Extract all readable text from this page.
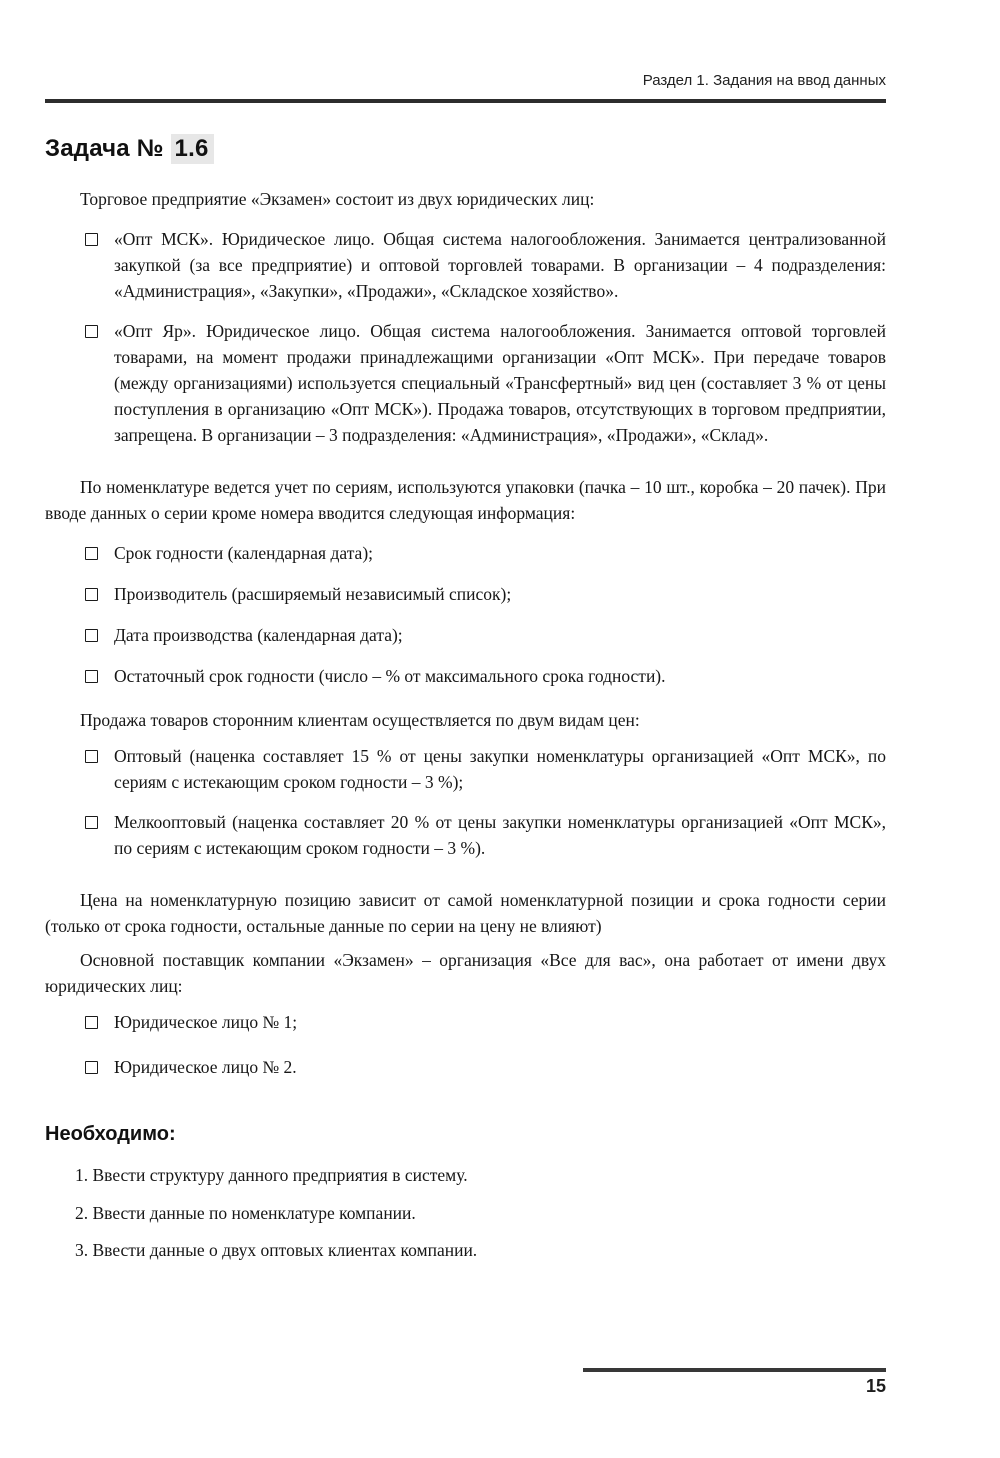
Раздел 1. Задания на ввод данных
Задача № 1.6

Торговое предприятие «Экзамен» состоит из двух юридических лиц:

«Опт МСК». Юридическое лицо. Общая система налогообложения. Занимается централизованной закупкой (за все предприятие) и оптовой торговлей товарами. В организации – 4 подразделения: «Администрация», «Закупки», «Продажи», «Складское хозяйство».
«Опт Яр». Юридическое лицо. Общая система налогообложения. Занимается оптовой торговлей товарами, на момент продажи принадлежащими организации «Опт МСК». При передаче товаров (между организациями) используется специальный «Трансфертный» вид цен (составляет 3 % от цены поступления в организацию «Опт МСК»). Продажа товаров, отсутствующих в торговом предприятии, запрещена. В организации – 3 подразделения: «Администрация», «Продажи», «Склад».

По номенклатуре ведется учет по сериям, используются упаковки (пачка – 10 шт., коробка – 20 пачек). При вводе данных о серии кроме номера вводится следующая информация:

Срок годности (календарная дата);
Производитель (расширяемый независимый список);
Дата производства (календарная дата);
Остаточный срок годности (число – % от максимального срока годности).

Продажа товаров сторонним клиентам осуществляется по двум видам цен:

Оптовый (наценка составляет 15 % от цены закупки номенклатуры организацией «Опт МСК», по сериям с истекающим сроком годности – 3 %);
Мелкооптовый (наценка составляет 20 % от цены закупки номенклатуры организацией «Опт МСК», по сериям с истекающим сроком годности – 3 %).

Цена на номенклатурную позицию зависит от самой номенклатурной позиции и срока годности серии (только от срока годности, остальные данные по серии на цену не влияют)

Основной поставщик компании «Экзамен» – организация «Все для вас», она работает от имени двух юридических лиц:

Юридическое лицо № 1;
Юридическое лицо № 2.
Необходимо:

1. Ввести структуру данного предприятия в систему.

2. Ввести данные по номенклатуре компании.

3. Ввести данные о двух оптовых клиентах компании.

15
